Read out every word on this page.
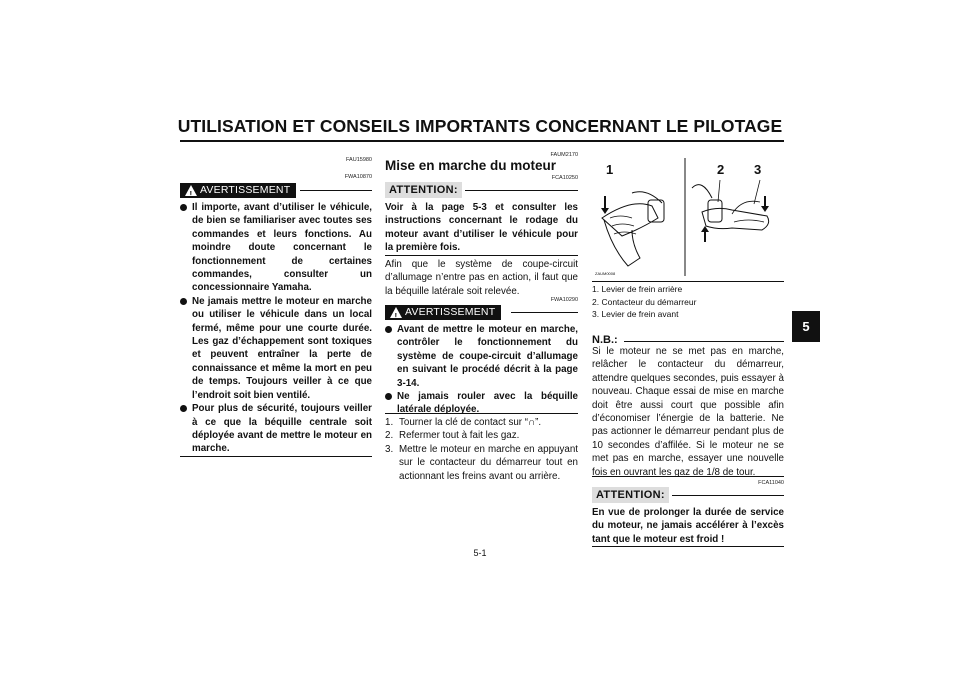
UTILISATION ET CONSEILS IMPORTANTS CONCERNANT LE PILOTAGE
5
FAU15980
FWA10870
! AVERTISSEMENT
Il importe, avant d’utiliser le véhicule, de bien se familiariser avec toutes ses commandes et leurs fonctions. Au moindre doute concernant le fonctionnement de certaines commandes, consulter un concessionnaire Yamaha.
Ne jamais mettre le moteur en marche ou utiliser le véhicule dans un local fermé, même pour une courte durée. Les gaz d’échappement sont toxiques et peuvent entraîner la perte de connaissance et même la mort en peu de temps. Toujours veiller à ce que l’endroit soit bien ventilé.
Pour plus de sécurité, toujours veiller à ce que la béquille centrale soit déployée avant de mettre le moteur en marche.
FAUM2170
Mise en marche du moteur
FCA10250
ATTENTION:
Voir à la page 5-3 et consulter les instructions concernant le rodage du moteur avant d’utiliser le véhicule pour la première fois.
Afin que le système de coupe-circuit d’allumage n’entre pas en action, il faut que la béquille latérale soit relevée.
FWA10290
! AVERTISSEMENT
Avant de mettre le moteur en marche, contrôler le fonctionnement du système de coupe-circuit d’allumage en suivant le procédé décrit à la page 3-14.
Ne jamais rouler avec la béquille latérale déployée.
1. Tourner la clé de contact sur “∩”.
2. Refermer tout à fait les gaz.
3. Mettre le moteur en marche en appuyant sur le contacteur du démarreur tout en actionnant les freins avant ou arrière.
1	2 3
ZAUM0008
1. Levier de frein arrière
2. Contacteur du démarreur
3. Levier de frein avant
N.B.:
Si le moteur ne se met pas en marche, relâcher le contacteur du démarreur, attendre quelques secondes, puis essayer à nouveau. Chaque essai de mise en marche doit être aussi court que possible afin d’économiser l’énergie de la batterie. Ne pas actionner le démarreur pendant plus de 10 secondes d’affilée. Si le moteur ne se met pas en marche, essayer une nouvelle fois en ouvrant les gaz de 1/8 de tour.
FCA11040
ATTENTION:
En vue de prolonger la durée de service du moteur, ne jamais accélérer à l’excès tant que le moteur est froid !
5-1
